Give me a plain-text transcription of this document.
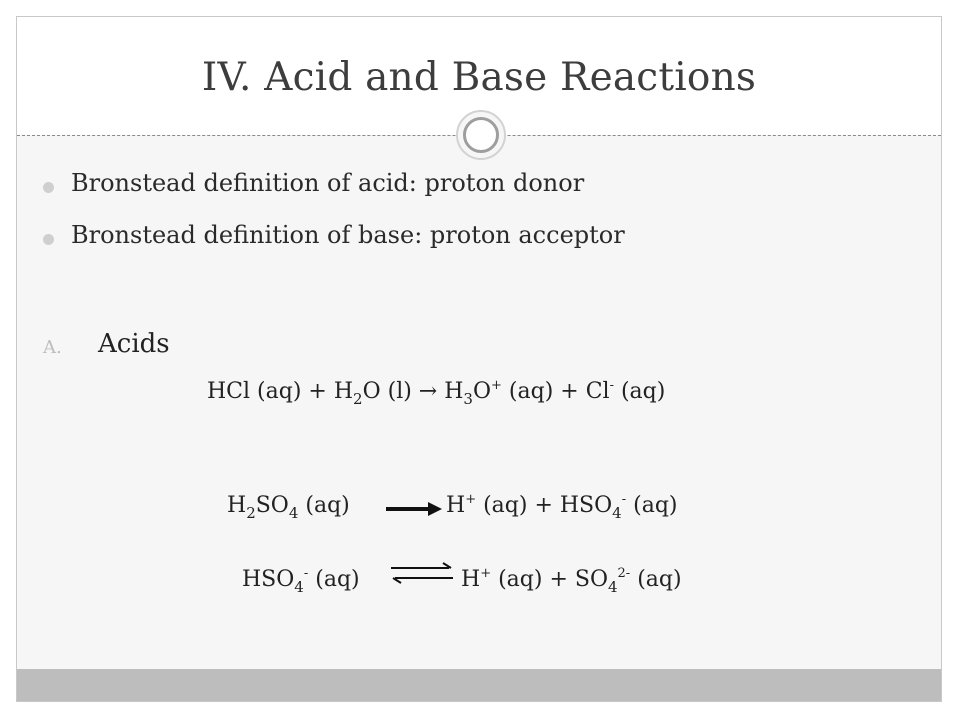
IV. Acid and Base Reactions
Bronstead definition of acid: proton donor
Bronstead definition of base: proton acceptor
A. Acids
HCl $(aq) + H_2O$ $(l) \to H_3O^+$ (aq) + Cl- (aq)
$H_2SO_4$ (aq)	H+ $(aq) + HSO_4^-$ (aq)
$HSO_4^-$ (aq)	H+ $(aq) + SO_4^{2-}$ (aq)
